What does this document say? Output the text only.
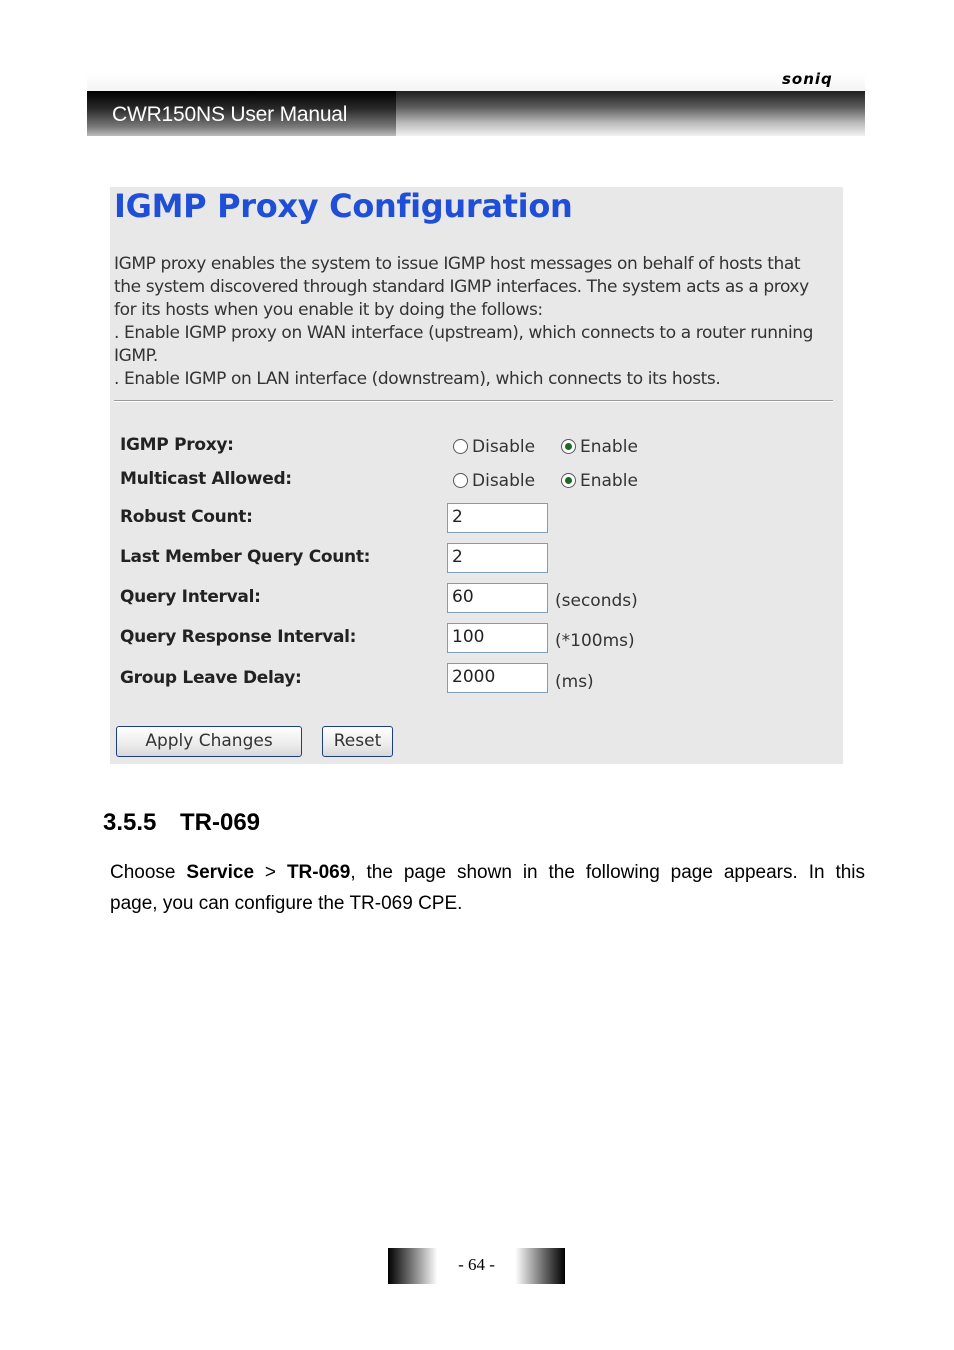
CWR150NS User Manual
soniq
IGMP Proxy Configuration
IGMP proxy enables the system to issue IGMP host messages on behalf of hosts that
the system discovered through standard IGMP interfaces. The system acts as a proxy
for its hosts when you enable it by doing the follows:
. Enable IGMP proxy on WAN interface (upstream), which connects to a router running
IGMP.
. Enable IGMP on LAN interface (downstream), which connects to its hosts.
IGMP Proxy:	Disable	Enable
Multicast Allowed:	Disable	Enable
Robust Count:	2
Last Member Query Count:	2
Query Interval:	60	(seconds)
Query Response Interval:	100	(*100ms)
Group Leave Delay:	2000	(ms)
Apply Changes	Reset
3.5.5 TR-069
Choose Service > TR-069, the page shown in the following page appears. In this
page, you can configure the TR-069 CPE.
- 64 -
